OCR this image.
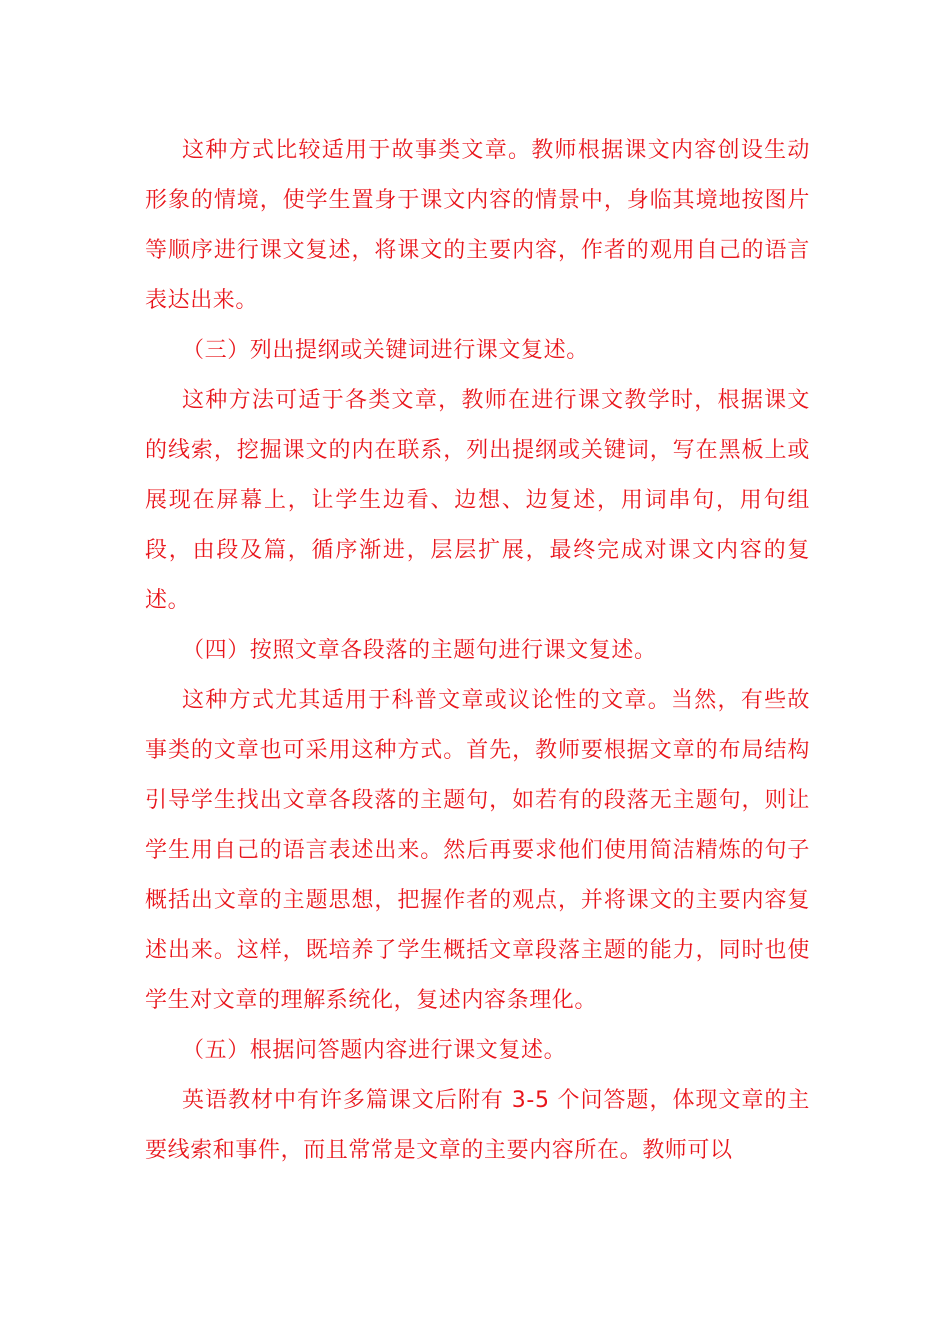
这种方式比较适用于故事类文章。教师根据课文内容创设生动形象的情境，使学生置身于课文内容的情景中，身临其境地按图片等顺序进行课文复述，将课文的主要内容，作者的观用自己的语言表达出来。

（三）列出提纲或关键词进行课文复述。

这种方法可适于各类文章，教师在进行课文教学时，根据课文的线索，挖掘课文的内在联系，列出提纲或关键词，写在黑板上或展现在屏幕上，让学生边看、边想、边复述，用词串句，用句组段，由段及篇，循序渐进，层层扩展，最终完成对课文内容的复述。

（四）按照文章各段落的主题句进行课文复述。

这种方式尤其适用于科普文章或议论性的文章。当然，有些故事类的文章也可采用这种方式。首先，教师要根据文章的布局结构引导学生找出文章各段落的主题句，如若有的段落无主题句，则让学生用自己的语言表述出来。然后再要求他们使用简洁精炼的句子概括出文章的主题思想，把握作者的观点，并将课文的主要内容复述出来。这样，既培养了学生概括文章段落主题的能力，同时也使学生对文章的理解系统化，复述内容条理化。

（五）根据问答题内容进行课文复述。

英语教材中有许多篇课文后附有 3-5 个问答题，体现文章的主要线索和事件，而且常常是文章的主要内容所在。教师可以
